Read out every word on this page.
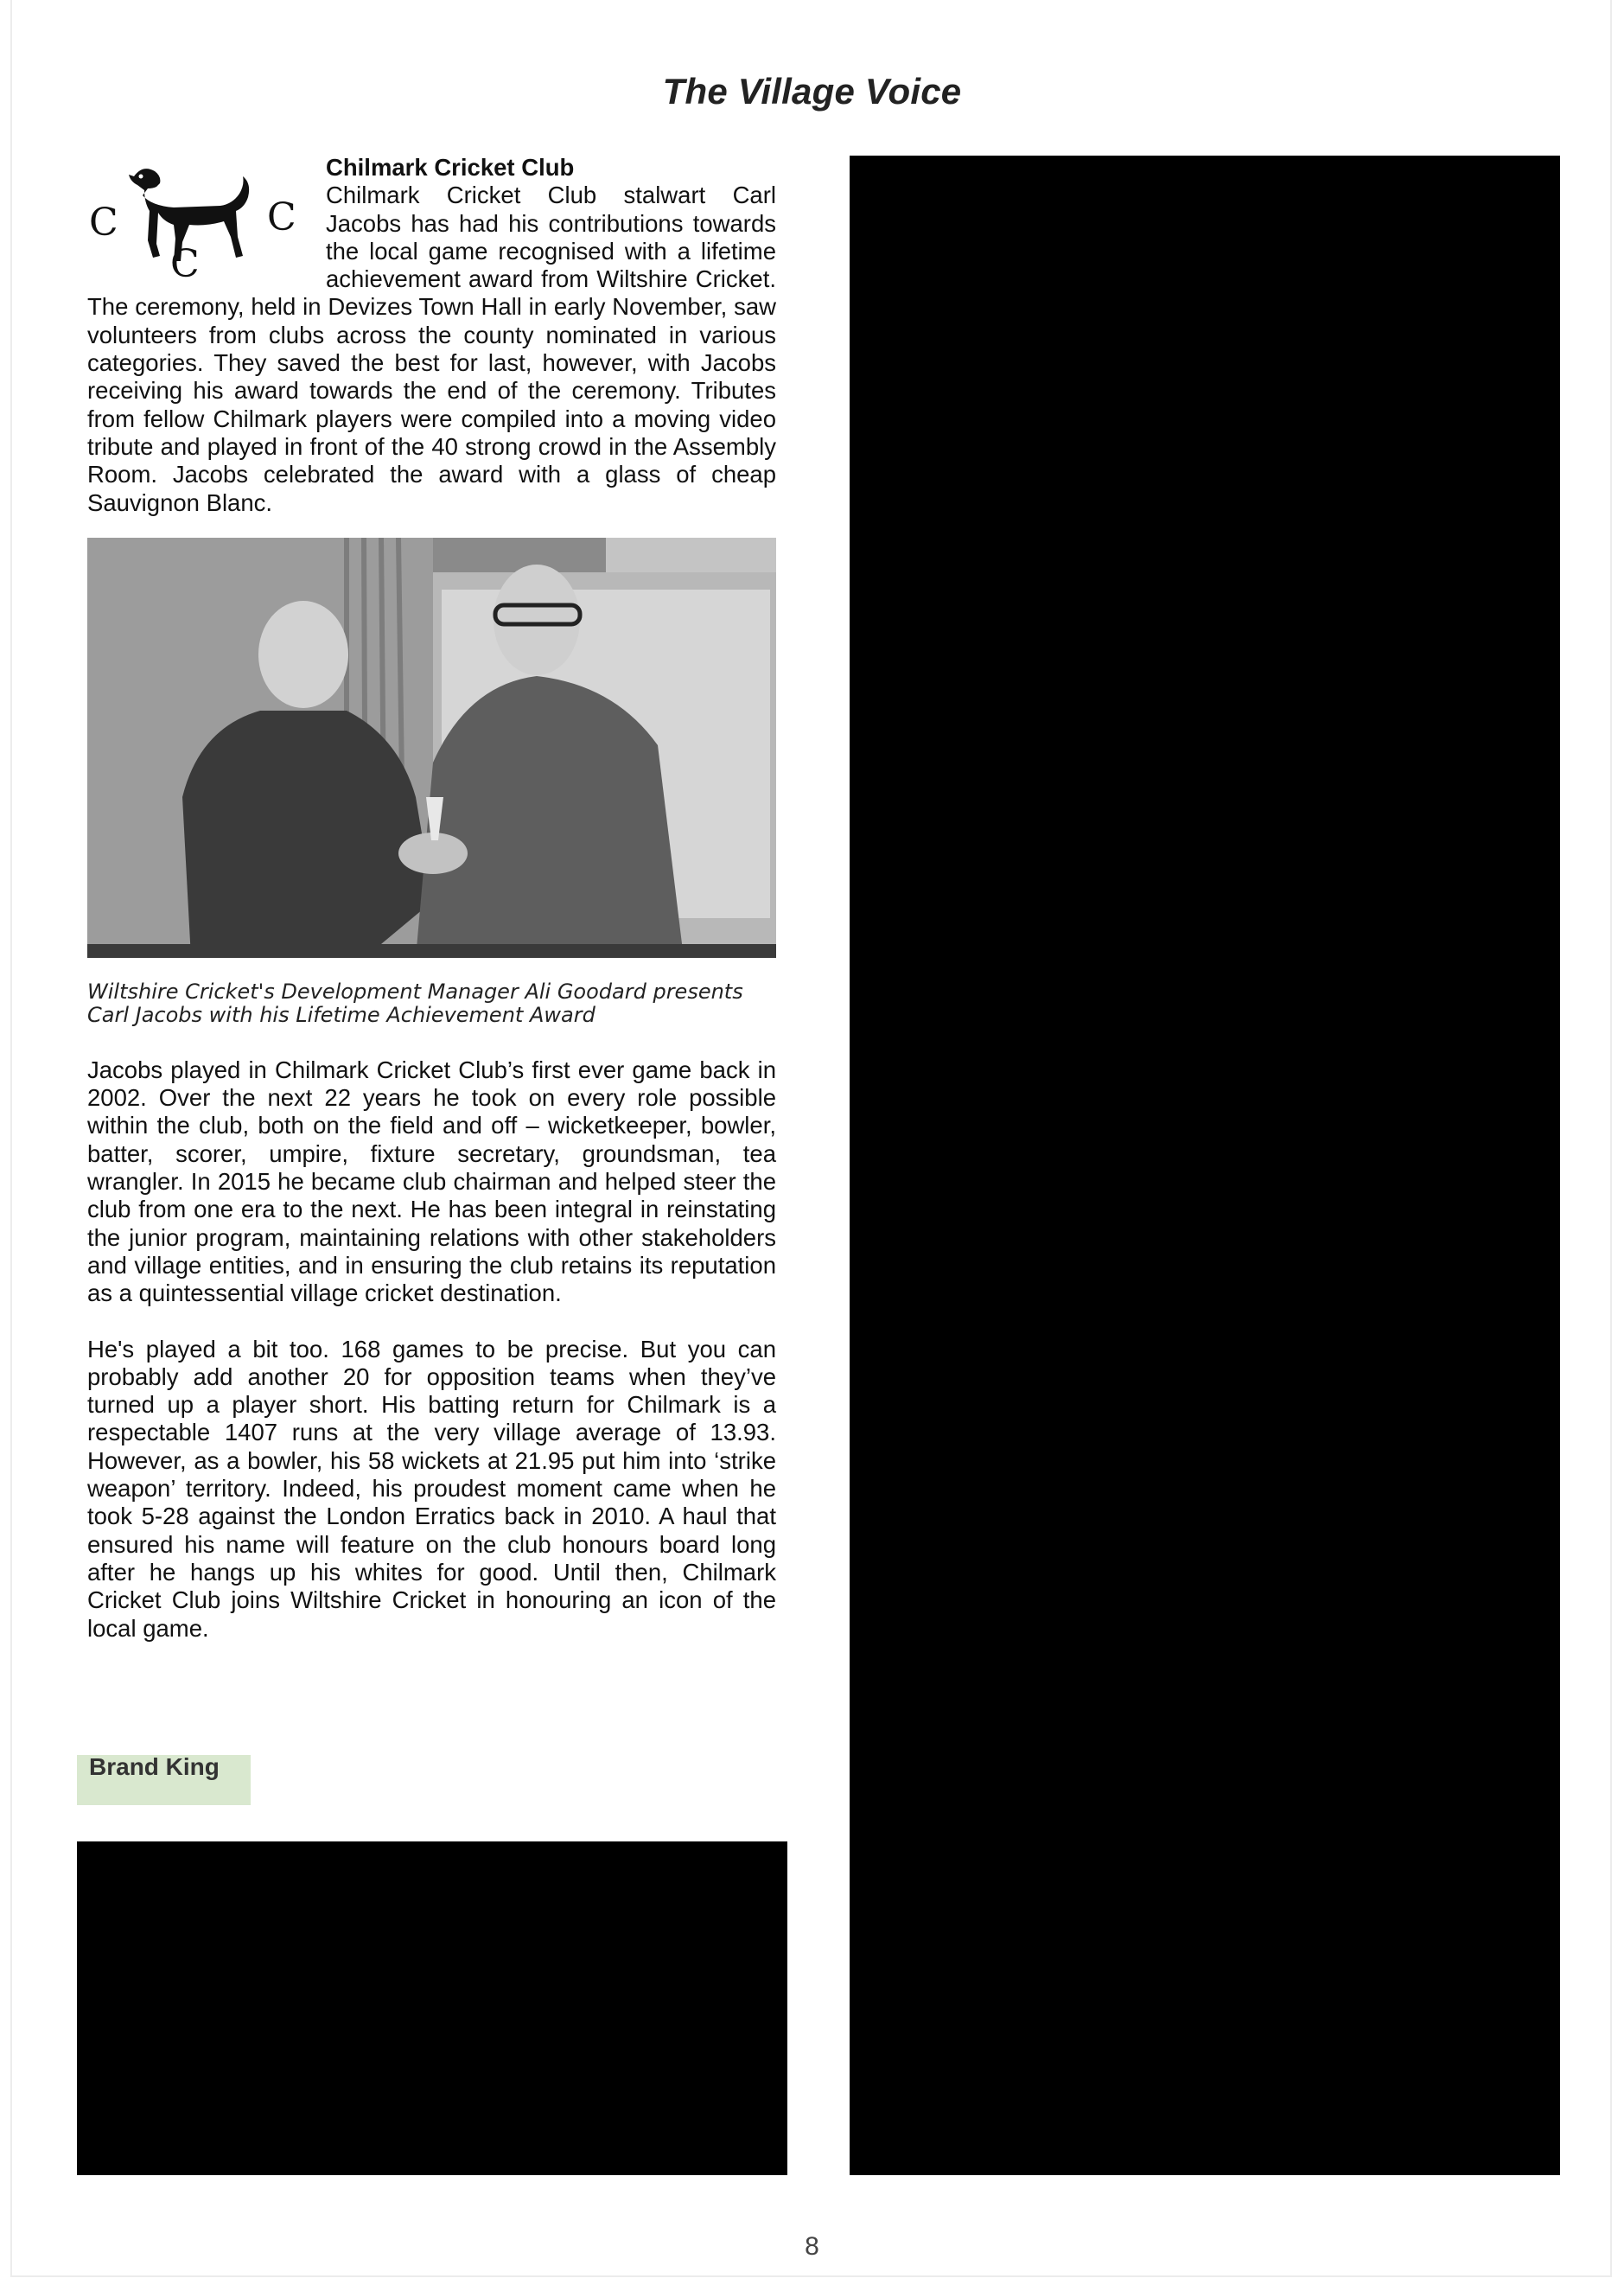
The Village Voice
C	C
C
Chilmark Cricket Club
Chilmark Cricket Club stalwart Carl Jacobs has had his contributions towards the local game recognised with a lifetime achievement award from Wiltshire Cricket. The ceremony, held in Devizes Town Hall in early November, saw volunteers from clubs across the county nominated in various categories. They saved the best for last, however, with Jacobs receiving his award towards the end of the ceremony. Tributes from fellow Chilmark players were compiled into a moving video tribute and played in front of the 40 strong crowd in the Assembly Room. Jacobs celebrated the award with a glass of cheap Sauvignon Blanc.
Wiltshire Cricket's Development Manager Ali Goodard presents Carl Jacobs with his Lifetime Achievement Award

Jacobs played in Chilmark Cricket Club’s first ever game back in 2002. Over the next 22 years he took on every role possible within the club, both on the field and off – wicketkeeper, bowler, batter, scorer, umpire, fixture secretary, groundsman, tea wrangler. In 2015 he became club chairman and helped steer the club from one era to the next. He has been integral in reinstating the junior program, maintaining relations with other stakeholders and village entities, and in ensuring the club retains its reputation as a quintessential village cricket destination.

He's played a bit too. 168 games to be precise. But you can probably add another 20 for opposition teams when they’ve turned up a player short. His batting return for Chilmark is a respectable 1407 runs at the very village average of 13.93. However, as a bowler, his 58 wickets at 21.95 put him into ‘strike weapon’ territory. Indeed, his proudest moment came when he took 5-28 against the London Erratics back in 2010. A haul that ensured his name will feature on the club honours board long after he hangs up his whites for good. Until then, Chilmark Cricket Club joins Wiltshire Cricket in honouring an icon of the local game.

Brand King
8
